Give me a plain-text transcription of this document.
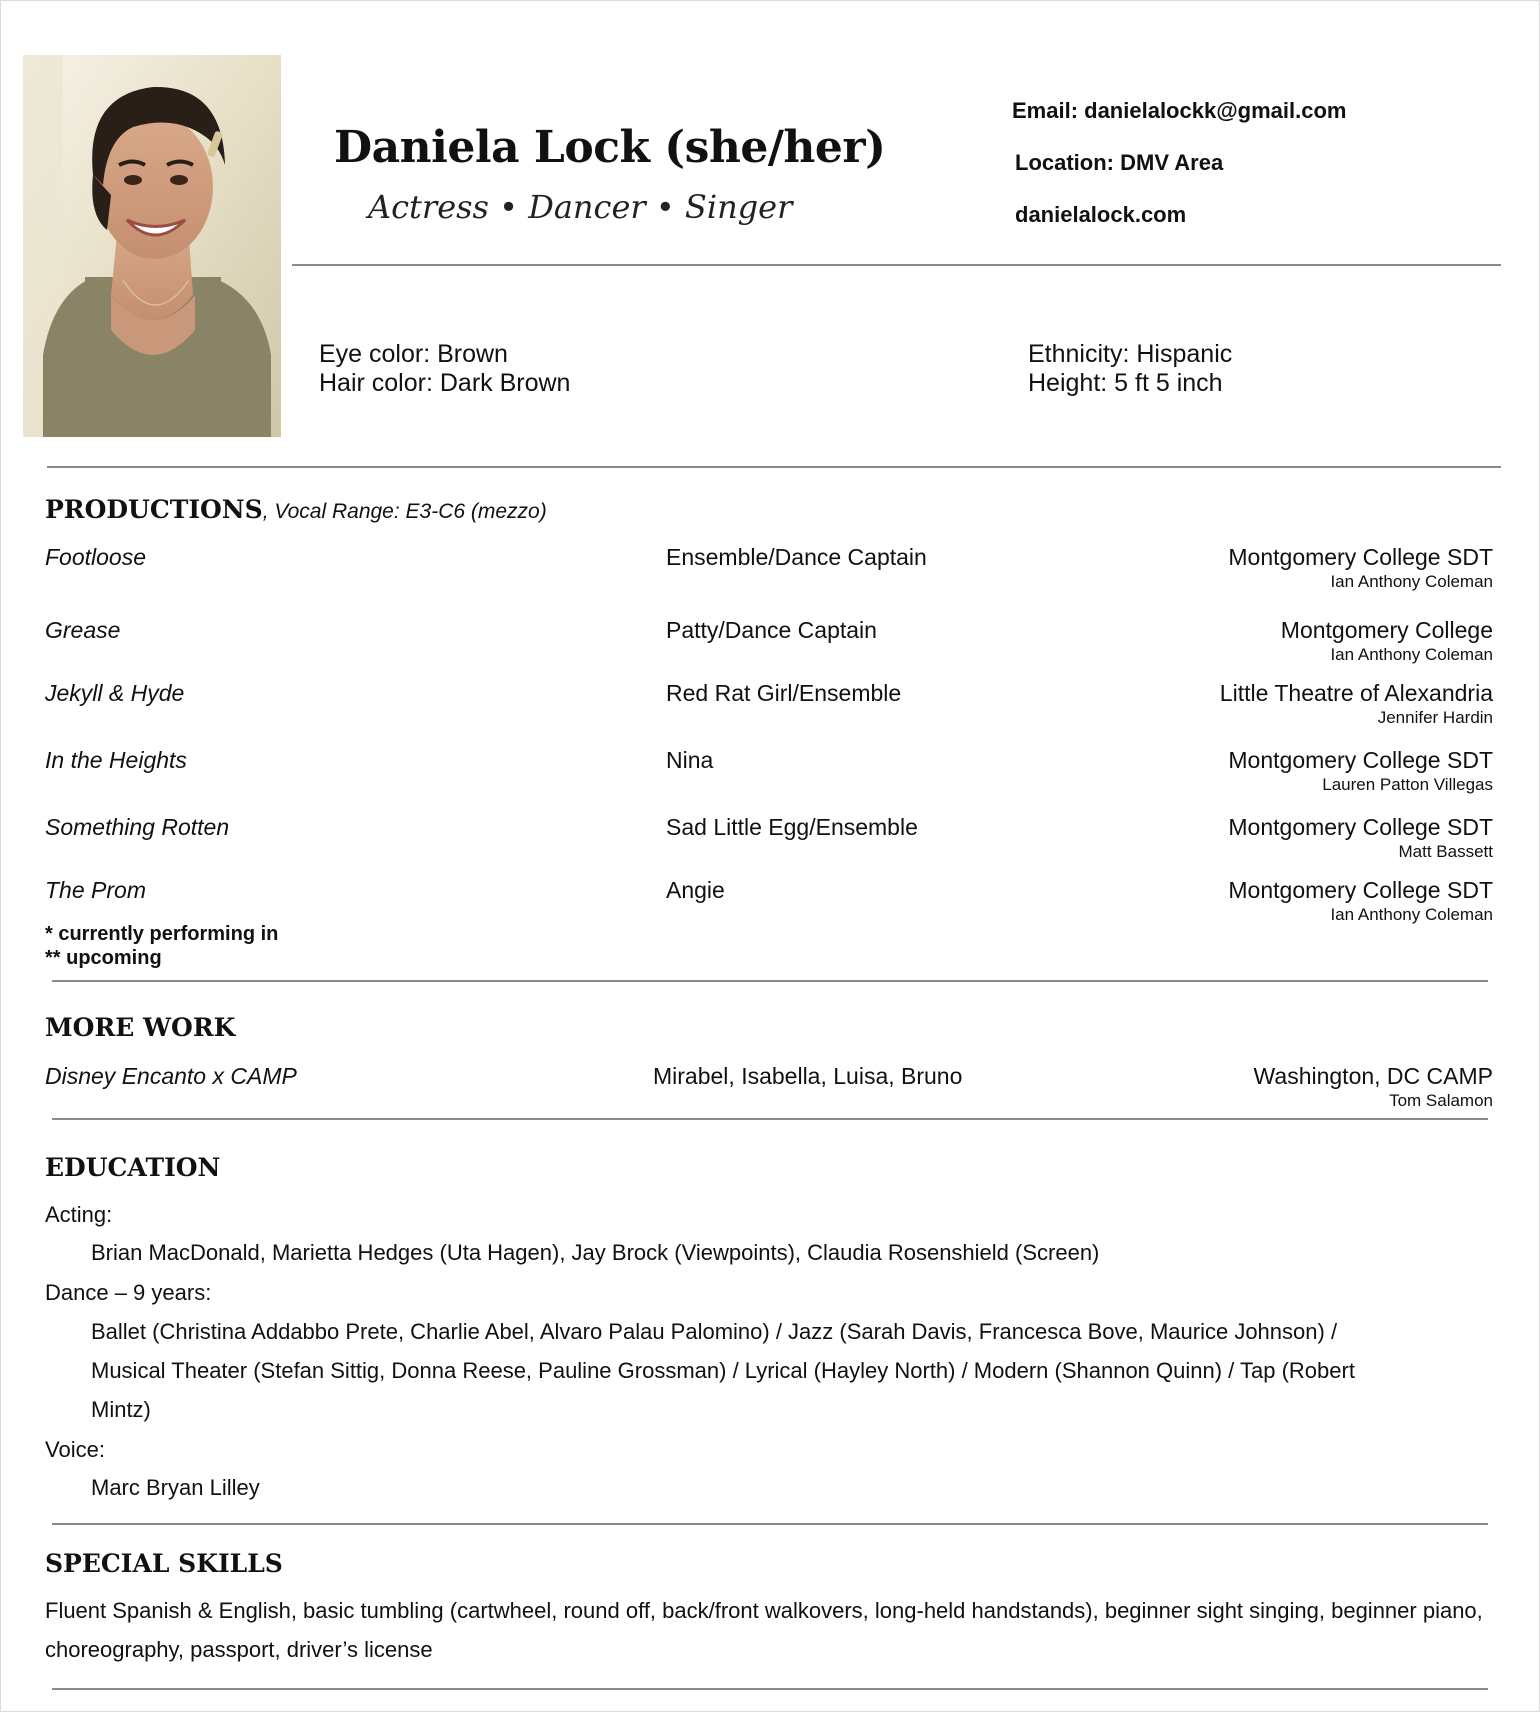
Daniela Lock (she/her)
Actress • Dancer • Singer
Email: danielalockk@gmail.com
Location: DMV Area
danielalock.com
Eye color: Brown
Hair color: Dark Brown
Ethnicity: Hispanic
Height: 5 ft 5 inch
PRODUCTIONS, Vocal Range: E3-C6 (mezzo)
Footloose	Ensemble/Dance Captain	Montgomery College SDT
Ian Anthony Coleman
Grease	Patty/Dance Captain	Montgomery College
Ian Anthony Coleman
Jekyll & Hyde	Red Rat Girl/Ensemble	Little Theatre of Alexandria
Jennifer Hardin
In the Heights	Nina	Montgomery College SDT
Lauren Patton Villegas
Something Rotten	Sad Little Egg/Ensemble	Montgomery College SDT
Matt Bassett
The Prom	Angie	Montgomery College SDT
Ian Anthony Coleman
* currently performing in
** upcoming
MORE WORK
Disney Encanto x CAMP	Mirabel, Isabella, Luisa, Bruno	Washington, DC CAMP
Tom Salamon
EDUCATION
Acting:
Brian MacDonald, Marietta Hedges (Uta Hagen), Jay Brock (Viewpoints), Claudia Rosenshield (Screen)
Dance – 9 years:
Ballet (Christina Addabbo Prete, Charlie Abel, Alvaro Palau Palomino) / Jazz (Sarah Davis, Francesca Bove, Maurice Johnson) / Musical Theater (Stefan Sittig, Donna Reese, Pauline Grossman) / Lyrical (Hayley North) / Modern (Shannon Quinn) / Tap (Robert Mintz)
Voice:
Marc Bryan Lilley
SPECIAL SKILLS
Fluent Spanish & English, basic tumbling (cartwheel, round off, back/front walkovers, long-held handstands), beginner sight singing, beginner piano, choreography, passport, driver’s license
